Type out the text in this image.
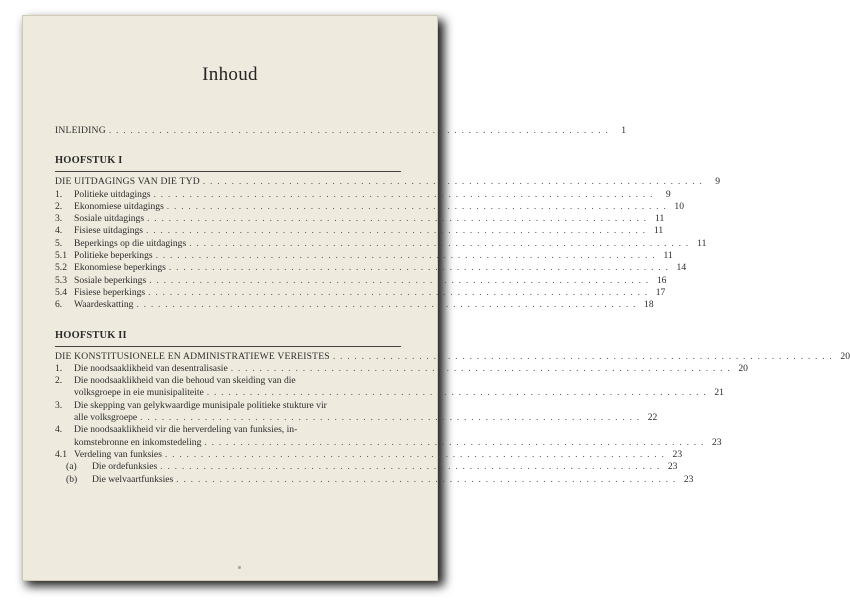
Inhoud
INLEIDING . . . . . . . . . . . . . . . . . . . . . . . . . . . . . . . . . . . . . . . . . . . . . . . . . . . . . . . . . . . . . . . . . . . . . .	1
HOOFSTUK I
DIE UITDAGINGS VAN DIE TYD . . . . . . . . . . . . . . . . . . . . . . . . . . . . . . . . . . . . . . . . . . . . . . . . . . . . . . . . . . . . . . . . . . . . . .	9
1.	Politieke uitdagings . . . . . . . . . . . . . . . . . . . . . . . . . . . . . . . . . . . . . . . . . . . . . . . . . . . . . . . . . . . . . . . . . . . . . .	9
2.	Ekonomiese uitdagings . . . . . . . . . . . . . . . . . . . . . . . . . . . . . . . . . . . . . . . . . . . . . . . . . . . . . . . . . . . . . . . . . . . . . . 10
3.	Sosiale uitdagings . . . . . . . . . . . . . . . . . . . . . . . . . . . . . . . . . . . . . . . . . . . . . . . . . . . . . . . . . . . . . . . . . . . . . . 11
4.	Fisiese uitdagings . . . . . . . . . . . . . . . . . . . . . . . . . . . . . . . . . . . . . . . . . . . . . . . . . . . . . . . . . . . . . . . . . . . . . . 11
5.	Beperkings op die uitdagings . . . . . . . . . . . . . . . . . . . . . . . . . . . . . . . . . . . . . . . . . . . . . . . . . . . . . . . . . . . . . . . . . . . . . . 11
5.1 Politieke beperkings . . . . . . . . . . . . . . . . . . . . . . . . . . . . . . . . . . . . . . . . . . . . . . . . . . . . . . . . . . . . . . . . . . . . . . 11
5.2 Ekonomiese beperkings . . . . . . . . . . . . . . . . . . . . . . . . . . . . . . . . . . . . . . . . . . . . . . . . . . . . . . . . . . . . . . . . . . . . . . 14
5.3 Sosiale beperkings . . . . . . . . . . . . . . . . . . . . . . . . . . . . . . . . . . . . . . . . . . . . . . . . . . . . . . . . . . . . . . . . . . . . . . 16
5.4 Fisiese beperkings . . . . . . . . . . . . . . . . . . . . . . . . . . . . . . . . . . . . . . . . . . . . . . . . . . . . . . . . . . . . . . . . . . . . . . 17
6.	Waardeskatting . . . . . . . . . . . . . . . . . . . . . . . . . . . . . . . . . . . . . . . . . . . . . . . . . . . . . . . . . . . . . . . . . . . . . . 18
HOOFSTUK II
DIE KONSTITUSIONELE EN ADMINISTRATIEWE VEREISTES . . . . . . . . . . . . . . . . . . . . . . . . . . . . . . . . . . . . . . . . . . . . . . . . . . . . . . . . . . . . . . . . . . . . . . 20
1.	Die noodsaaklikheid van desentralisasie . . . . . . . . . . . . . . . . . . . . . . . . . . . . . . . . . . . . . . . . . . . . . . . . . . . . . . . . . . . . . . . . . . . . . . 20
2.	Die noodsaaklikheid van die behoud van skeiding van die
volksgroepe in eie munisipaliteite . . . . . . . . . . . . . . . . . . . . . . . . . . . . . . . . . . . . . . . . . . . . . . . . . . . . . . . . . . . . . . . . . . . . . . 21
3.	Die skepping van gelykwaardige munisipale politieke stukture vir
alle volksgroepe . . . . . . . . . . . . . . . . . . . . . . . . . . . . . . . . . . . . . . . . . . . . . . . . . . . . . . . . . . . . . . . . . . . . . . 22
4.	Die noodsaaklikheid vir die herverdeling van funksies, in-
komstebronne en inkomstedeling . . . . . . . . . . . . . . . . . . . . . . . . . . . . . . . . . . . . . . . . . . . . . . . . . . . . . . . . . . . . . . . . . . . . . . 23
4.1 Verdeling van funksies . . . . . . . . . . . . . . . . . . . . . . . . . . . . . . . . . . . . . . . . . . . . . . . . . . . . . . . . . . . . . . . . . . . . . . 23
(a)	Die ordefunksies . . . . . . . . . . . . . . . . . . . . . . . . . . . . . . . . . . . . . . . . . . . . . . . . . . . . . . . . . . . . . . . . . . . . . . 23
(b)	Die welvaartfunksies . . . . . . . . . . . . . . . . . . . . . . . . . . . . . . . . . . . . . . . . . . . . . . . . . . . . . . . . . . . . . . . . . . . . . . 23
